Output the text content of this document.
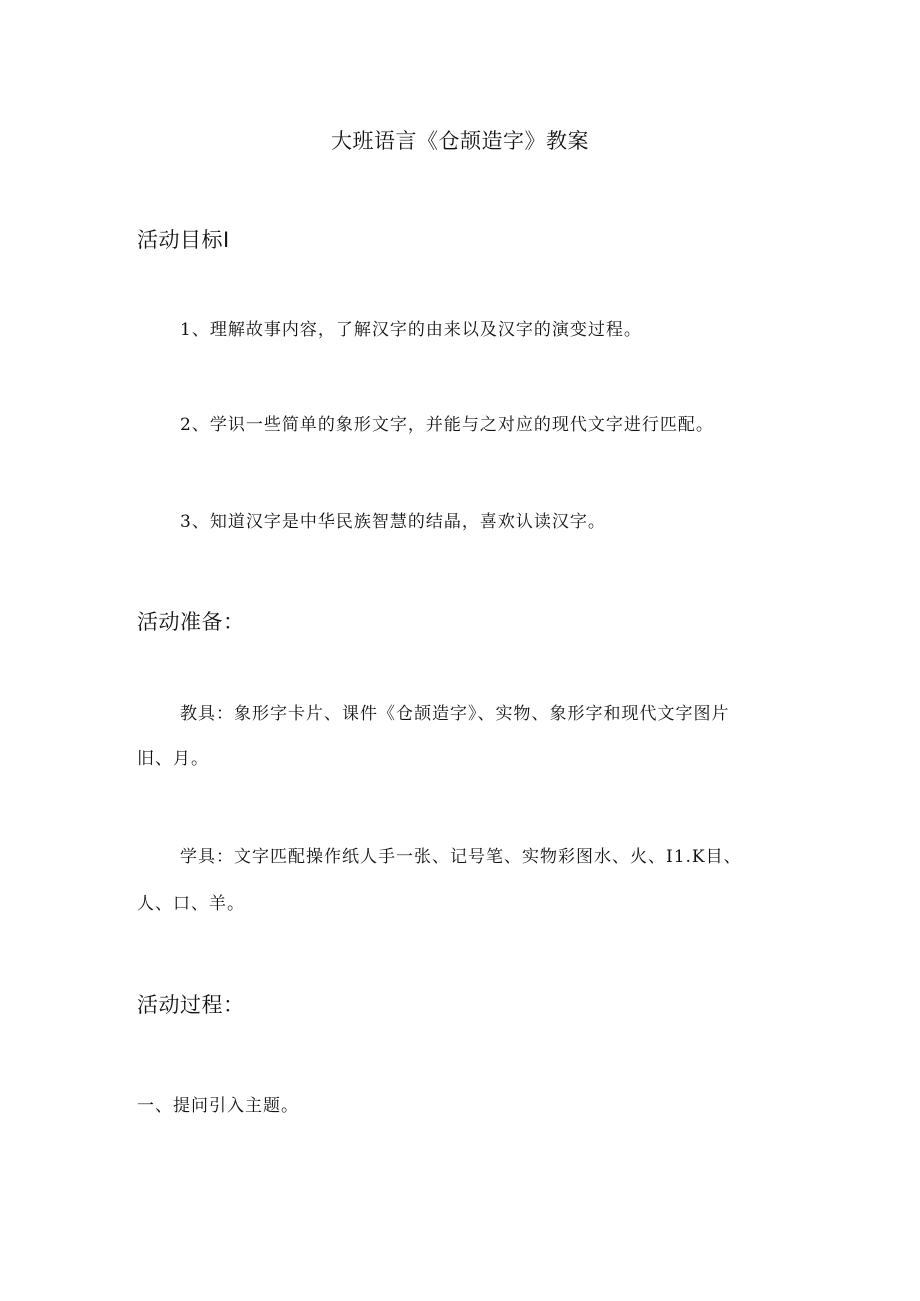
大班语言《仓颉造字》教案
活动目标I
1、理解故事内容，了解汉字的由来以及汉字的演变过程。
2、学识一些简单的象形文字，并能与之对应的现代文字进行匹配。
3、知道汉字是中华民族智慧的结晶，喜欢认读汉字。
活动准备：
教具：象形字卡片、课件《仓颉造字》、实物、象形字和现代文字图片
旧、月。
学具：文字匹配操作纸人手一张、记号笔、实物彩图水、火、I1.K目、
人、口、羊。
活动过程：
一、提问引入主题。
